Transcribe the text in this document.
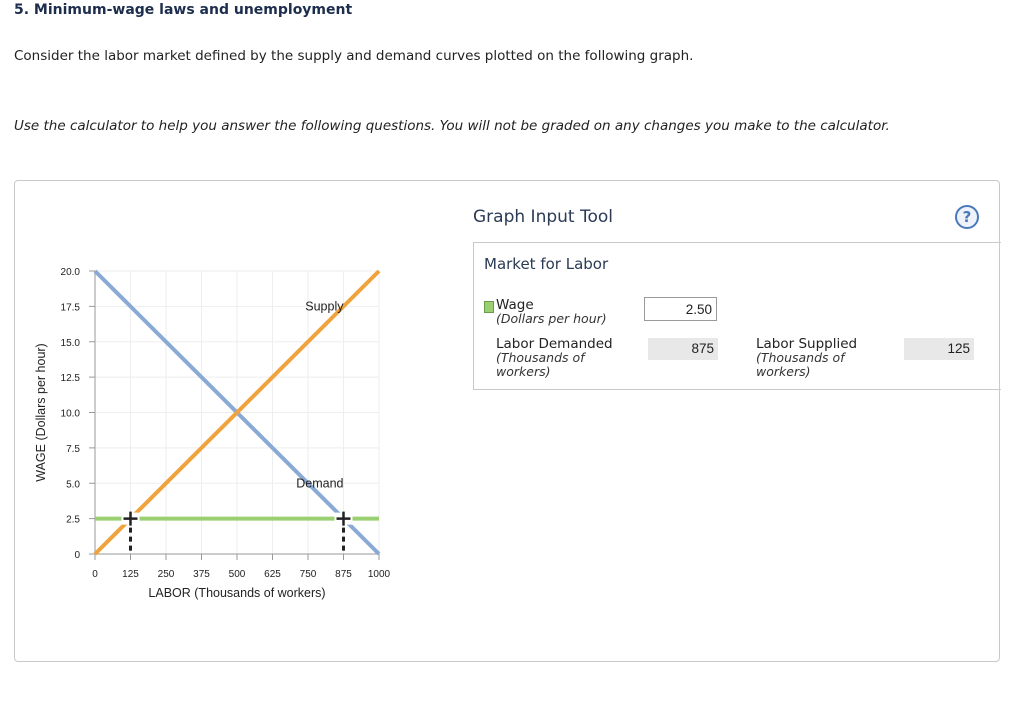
5. Minimum-wage laws and unemployment
Consider the labor market defined by the supply and demand curves plotted on the following graph.
Use the calculator to help you answer the following questions. You will not be graded on any changes you make to the calculator.
0 125 250 375 500 625 750 875 1000
0
2.5
5.0
7.5
10.0
12.5
15.0
17.5
20.0
LABOR (Thousands of workers)
WAGE (Dollars per hour)
Supply
Demand
Graph Input Tool	?
Market for Labor
Wage
(Dollars per hour)
2.50
Labor Demanded
(Thousands of
workers)
875	Labor Supplied
(Thousands of
workers)
125
